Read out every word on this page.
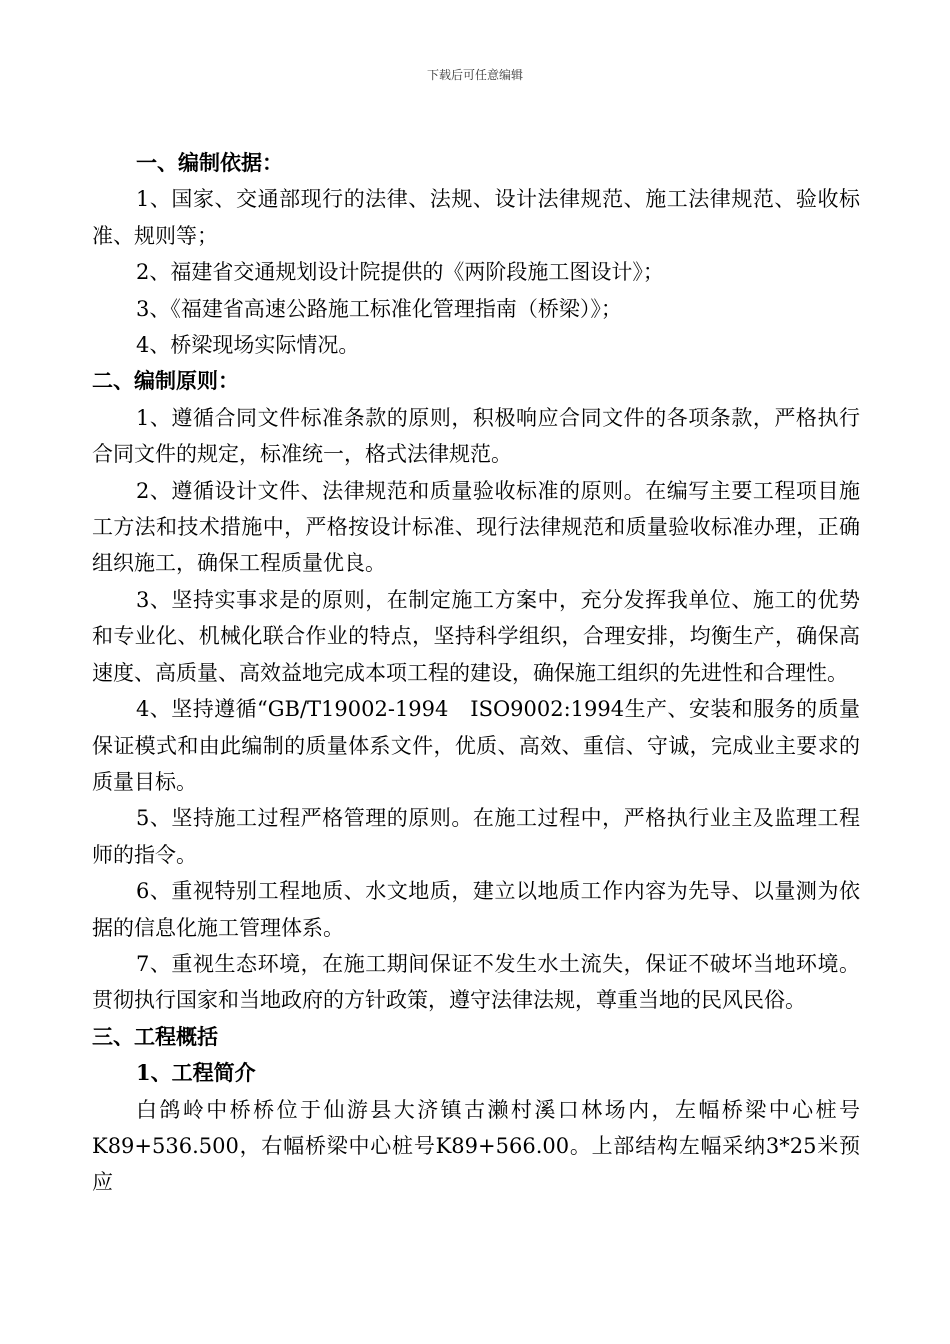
下载后可任意编辑
一、编制依据：

1、国家、交通部现行的法律、法规、设计法律规范、施工法律规范、验收标准、规则等；

2、福建省交通规划设计院提供的《两阶段施工图设计》；

3、《福建省高速公路施工标准化管理指南（桥梁）》；

4、桥梁现场实际情况。

二、编制原则：

1、遵循合同文件标准条款的原则，积极响应合同文件的各项条款，严格执行合同文件的规定，标准统一，格式法律规范。

2、遵循设计文件、法律规范和质量验收标准的原则。在编写主要工程项目施工方法和技术措施中，严格按设计标准、现行法律规范和质量验收标准办理，正确组织施工，确保工程质量优良。

3、坚持实事求是的原则，在制定施工方案中，充分发挥我单位、施工的优势和专业化、机械化联合作业的特点，坚持科学组织，合理安排，均衡生产，确保高速度、高质量、高效益地完成本项工程的建设，确保施工组织的先进性和合理性。

4、坚持遵循“GB/T19002-1994　ISO9002:1994生产、安装和服务的质量保证模式和由此编制的质量体系文件，优质、高效、重信、守诚，完成业主要求的质量目标。

5、坚持施工过程严格管理的原则。在施工过程中，严格执行业主及监理工程师的指令。

6、重视特别工程地质、水文地质，建立以地质工作内容为先导、以量测为依据的信息化施工管理体系。

7、重视生态环境，在施工期间保证不发生水土流失，保证不破坏当地环境。贯彻执行国家和当地政府的方针政策，遵守法律法规，尊重当地的民风民俗。

三、工程概括
1、工程简介

白鸽岭中桥桥位于仙游县大济镇古濑村溪口林场内，左幅桥梁中心桩号K89+536.500，右幅桥梁中心桩号K89+566.00。上部结构左幅采纳3*25米预应
